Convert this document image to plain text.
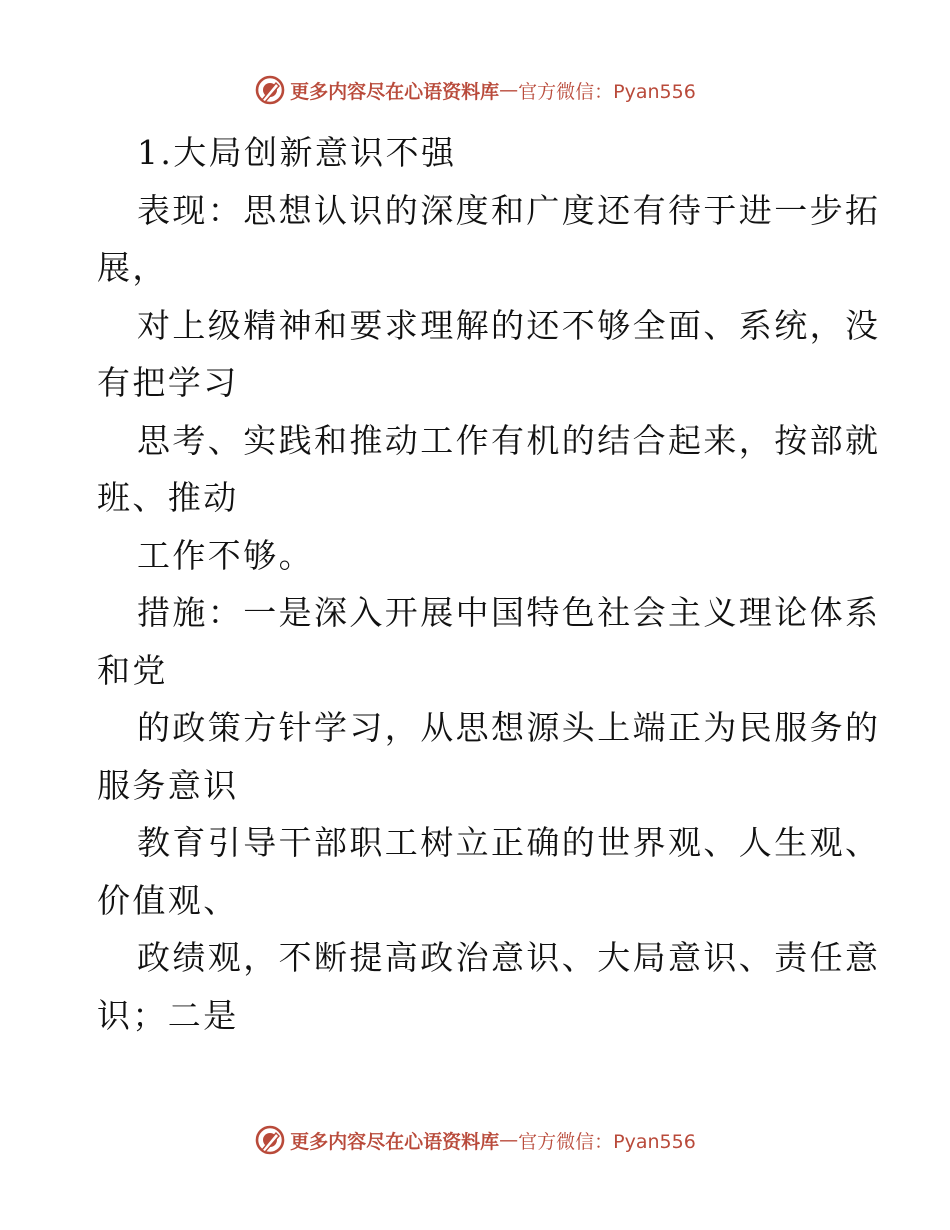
更多内容尽在心语资料库 — 官方微信：Pyan556
1.大局创新意识不强
表现：思想认识的深度和广度还有待于进一步拓
展，
对上级精神和要求理解的还不够全面、系统，没
有把学习
思考、实践和推动工作有机的结合起来，按部就
班、推动
工作不够。
措施：一是深入开展中国特色社会主义理论体系
和党
的政策方针学习，从思想源头上端正为民服务的
服务意识
教育引导干部职工树立正确的世界观、人生观、
价值观、
政绩观，不断提高政治意识、大局意识、责任意
识；二是
更多内容尽在心语资料库 — 官方微信：Pyan556
